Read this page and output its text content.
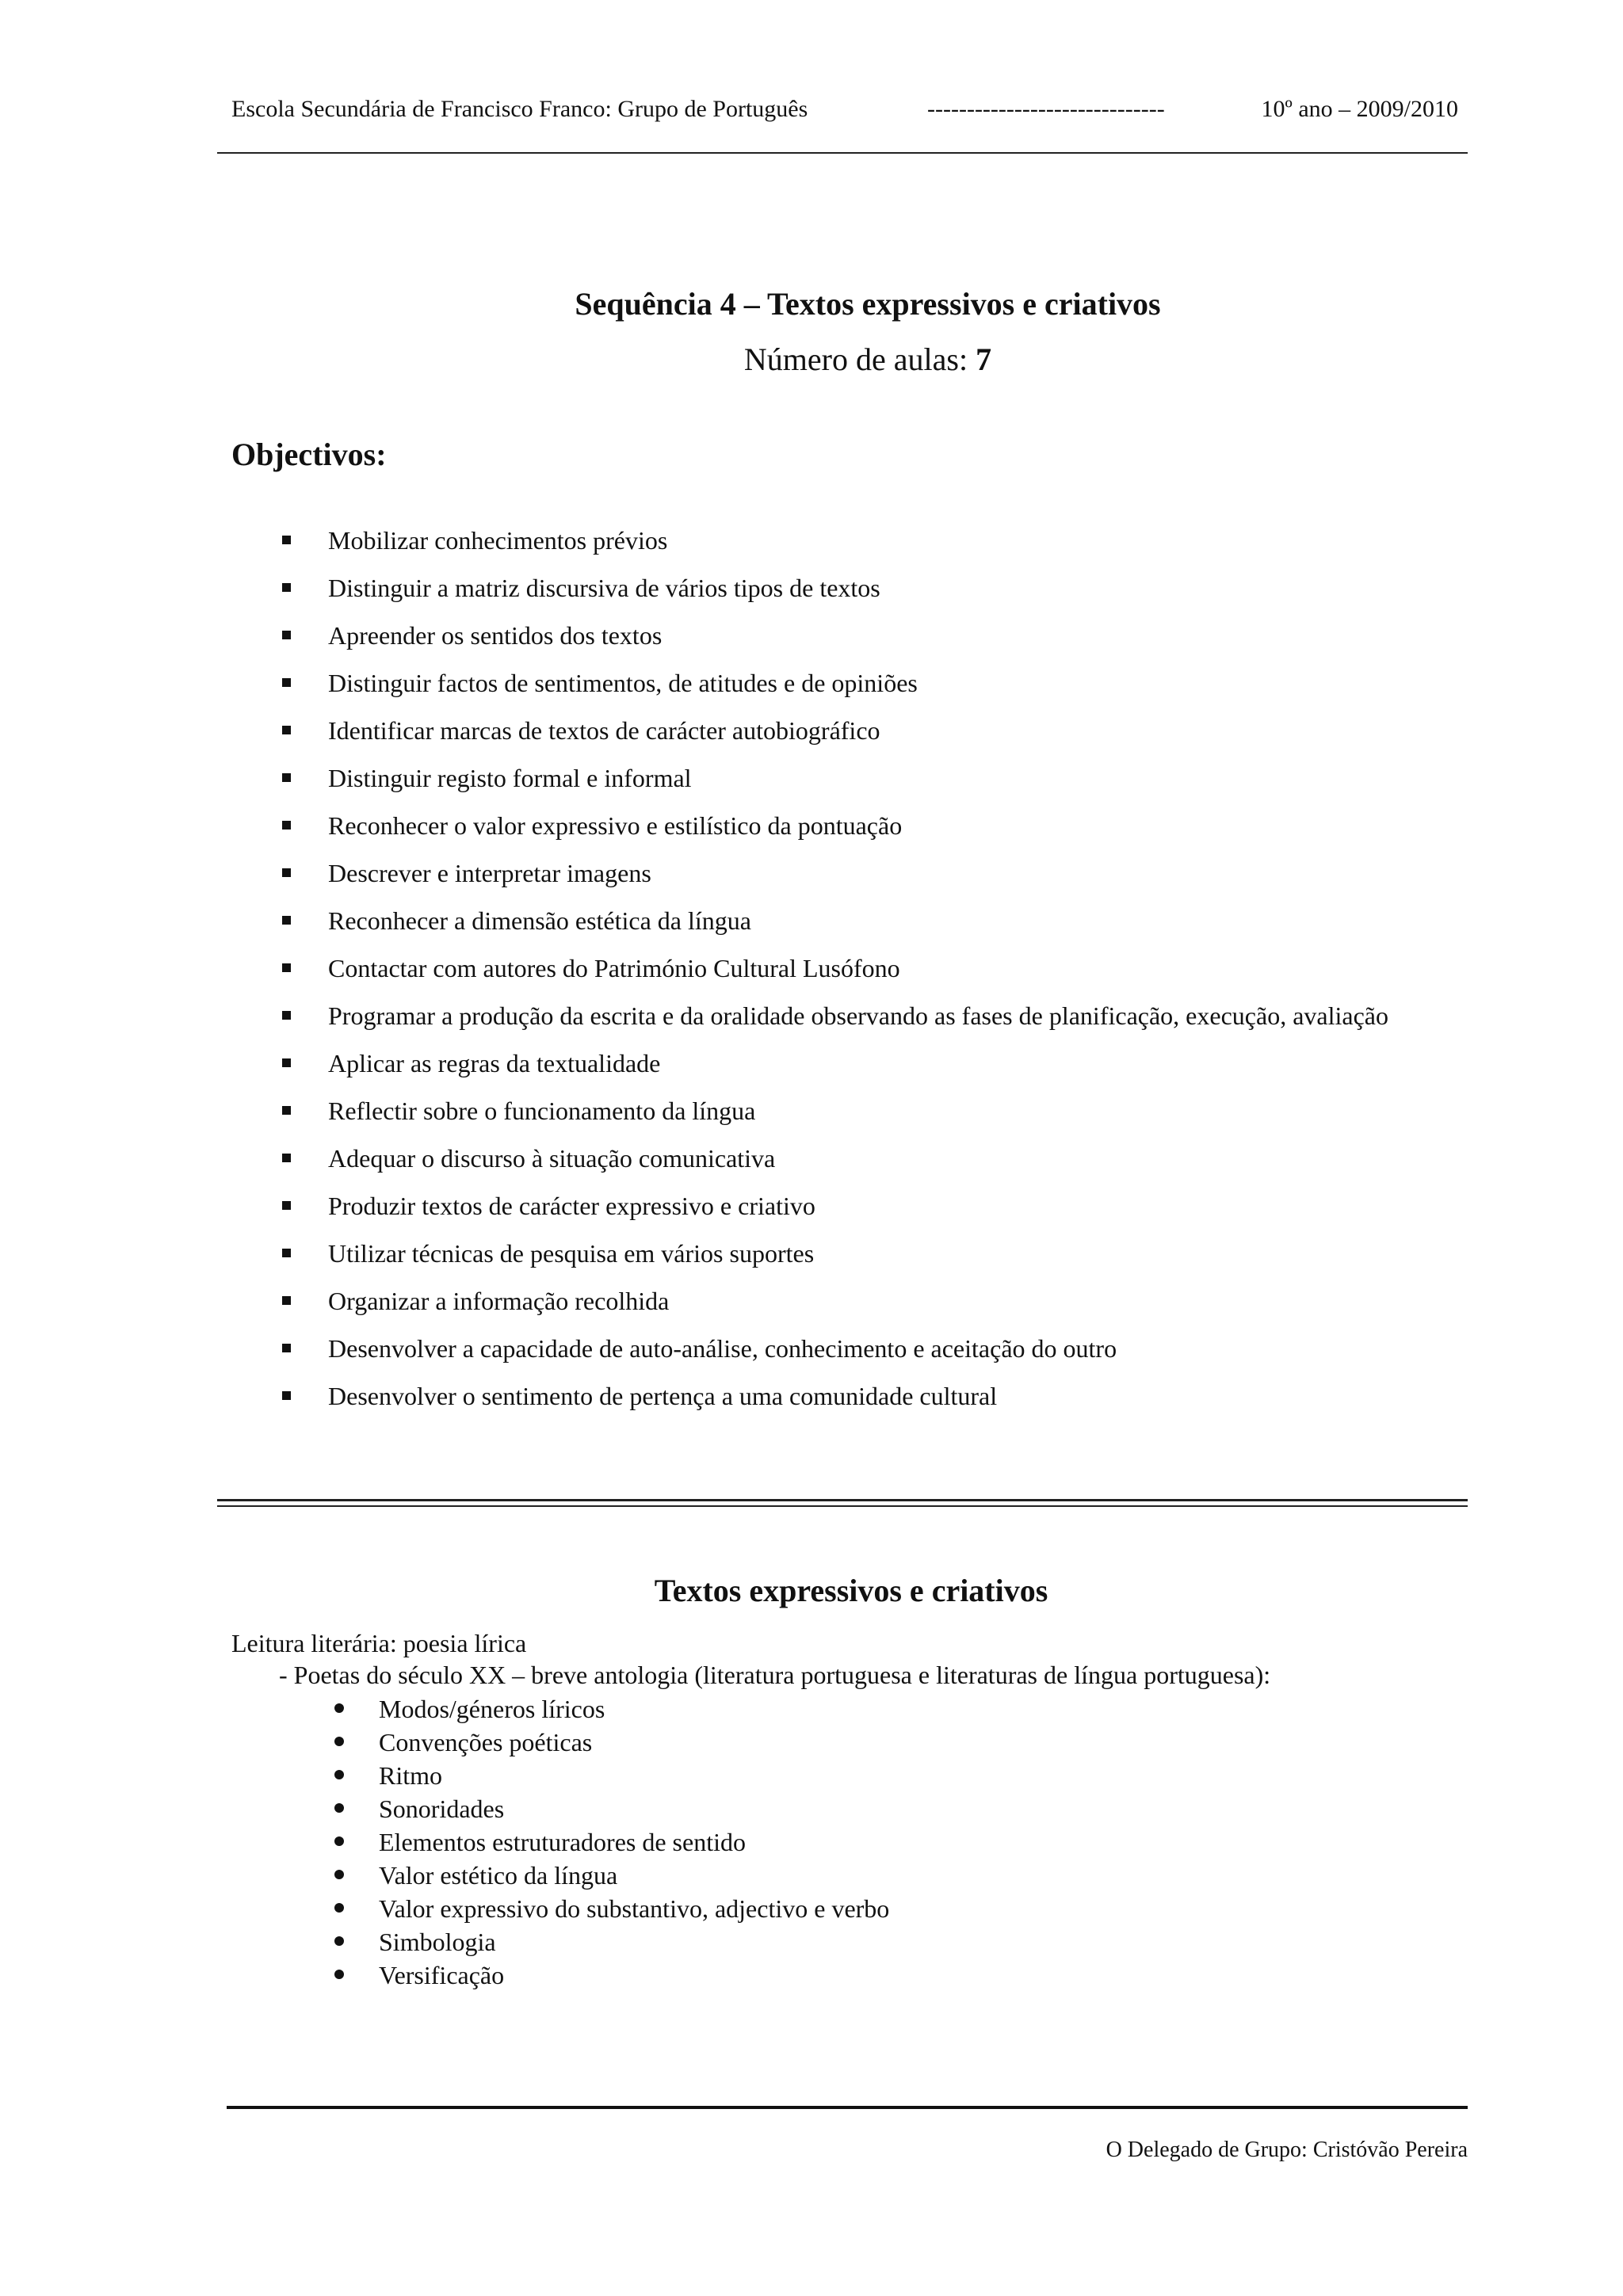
Escola Secundária de Francisco Franco: Grupo de Português	------------------------------	10º ano – 2009/2010
Sequência 4 – Textos expressivos e criativos
Número de aulas: 7
Objectivos:
Mobilizar conhecimentos prévios
Distinguir a matriz discursiva de vários tipos de textos
Apreender os sentidos dos textos
Distinguir factos de sentimentos, de atitudes e de opiniões
Identificar marcas de textos de carácter autobiográfico
Distinguir registo formal e informal
Reconhecer o valor expressivo e estilístico da pontuação
Descrever e interpretar imagens
Reconhecer a dimensão estética da língua
Contactar com autores do Património Cultural Lusófono
Programar a produção da escrita e da oralidade observando as fases de planificação, execução, avaliação
Aplicar as regras da textualidade
Reflectir sobre o funcionamento da língua
Adequar o discurso à situação comunicativa
Produzir textos de carácter expressivo e criativo
Utilizar técnicas de pesquisa em vários suportes
Organizar a informação recolhida
Desenvolver a capacidade de auto-análise, conhecimento e aceitação do outro
Desenvolver o sentimento de pertença a uma comunidade cultural
Textos expressivos e criativos
Leitura literária: poesia lírica
- Poetas do século XX – breve antologia (literatura portuguesa e literaturas de língua portuguesa):
Modos/géneros líricos
Convenções poéticas
Ritmo
Sonoridades
Elementos estruturadores de sentido
Valor estético da língua
Valor expressivo do substantivo, adjectivo e verbo
Simbologia
Versificação
O Delegado de Grupo: Cristóvão Pereira
